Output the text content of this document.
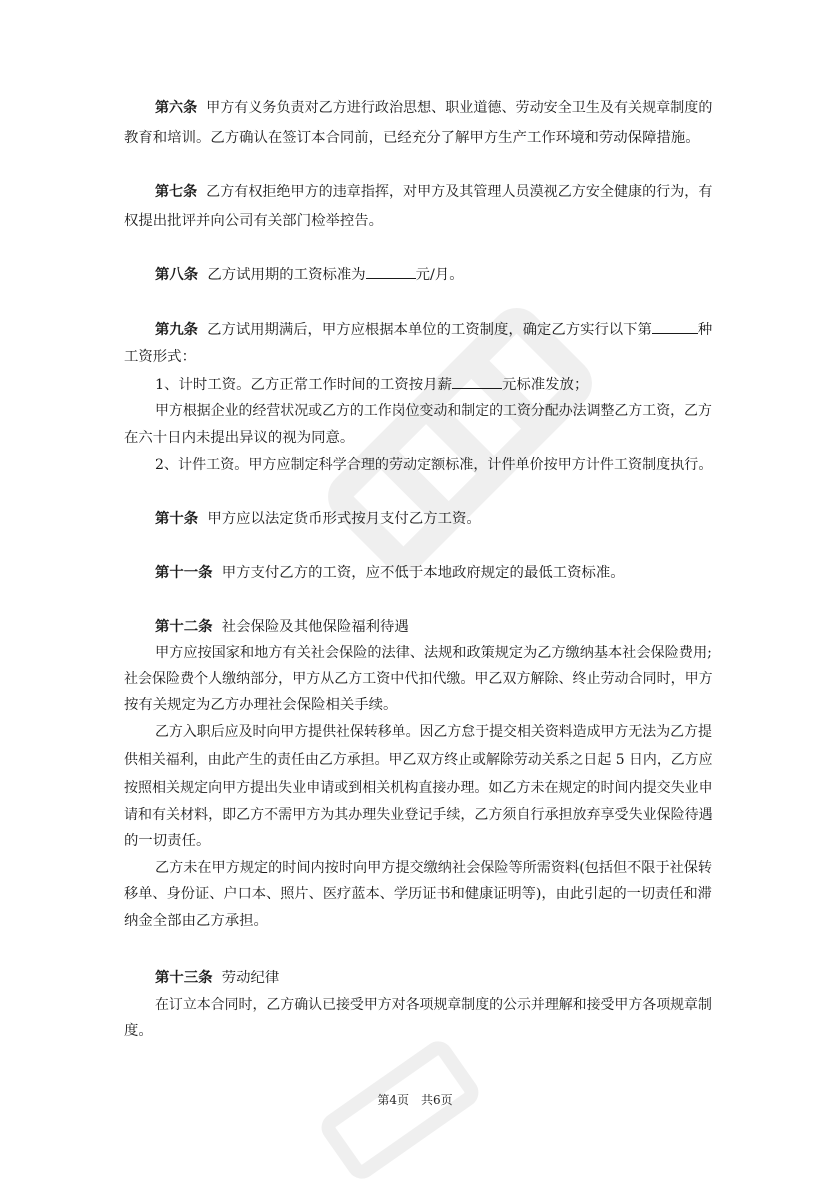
第六条 甲方有义务负责对乙方进行政治思想、职业道德、劳动安全卫生及有关规章制度的
教育和培训。乙方确认在签订本合同前，已经充分了解甲方生产工作环境和劳动保障措施。
第七条 乙方有权拒绝甲方的违章指挥，对甲方及其管理人员漠视乙方安全健康的行为，有
权提出批评并向公司有关部门检举控告。
第八条 乙方试用期的工资标准为	元/月。
第九条 乙方试用期满后，甲方应根据本单位的工资制度，确定乙方实行以下第	种
工资形式：
1、计时工资。乙方正常工作时间的工资按月薪	元标准发放；
甲方根据企业的经营状况或乙方的工作岗位变动和制定的工资分配办法调整乙方工资，乙方
在六十日内未提出异议的视为同意。
2、计件工资。甲方应制定科学合理的劳动定额标准，计件单价按甲方计件工资制度执行。
第十条 甲方应以法定货币形式按月支付乙方工资。
第十一条 甲方支付乙方的工资，应不低于本地政府规定的最低工资标准。
第十二条 社会保险及其他保险福利待遇
甲方应按国家和地方有关社会保险的法律、法规和政策规定为乙方缴纳基本社会保险费用;
社会保险费个人缴纳部分，甲方从乙方工资中代扣代缴。甲乙双方解除、终止劳动合同时，甲方
按有关规定为乙方办理社会保险相关手续。
乙方入职后应及时向甲方提供社保转移单。因乙方怠于提交相关资料造成甲方无法为乙方提
供相关福利，由此产生的责任由乙方承担。甲乙双方终止或解除劳动关系之日起 5 日内，乙方应
按照相关规定向甲方提出失业申请或到相关机构直接办理。如乙方未在规定的时间内提交失业申
请和有关材料，即乙方不需甲方为其办理失业登记手续，乙方须自行承担放弃享受失业保险待遇
的一切责任。
乙方未在甲方规定的时间内按时向甲方提交缴纳社会保险等所需资料(包括但不限于社保转
移单、身份证、户口本、照片、医疗蓝本、学历证书和健康证明等)，由此引起的一切责任和滞
纳金全部由乙方承担。
第十三条 劳动纪律
在订立本合同时，乙方确认已接受甲方对各项规章制度的公示并理解和接受甲方各项规章制
度。
第4页　共6页
